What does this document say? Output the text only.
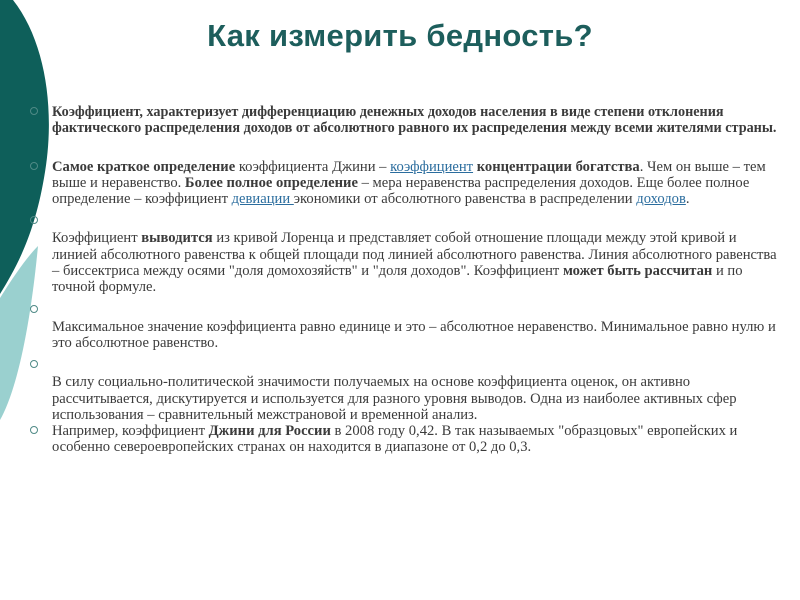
Как измерить бедность?
Коэффициент, характеризует дифференциацию денежных доходов населения в виде степени отклонения фактического распределения доходов от абсолютного равного их распределения между всеми жителями страны.
Самое краткое определение коэффициента Джини – коэффициент концентрации богатства. Чем он выше – тем выше и неравенство. Более полное определение – мера неравенства распределения доходов. Еще более полное определение – коэффициент девиации экономики от абсолютного равенства в распределении доходов.
Коэффициент выводится из кривой Лоренца и представляет собой отношение площади между этой кривой и линией абсолютного равенства к общей площади под линией абсолютного равенства. Линия абсолютного равенства – биссектриса между осями "доля домохозяйств" и "доля доходов". Коэффициент может быть рассчитан и по точной формуле.
Максимальное значение коэффициента равно единице и это – абсолютное неравенство. Минимальное равно нулю и это абсолютное равенство.
В силу социально-политической значимости получаемых на основе коэффициента оценок, он активно рассчитывается, дискутируется и используется для разного уровня выводов. Одна из наиболее активных сфер использования – сравнительный межстрановой и временной анализ.
Например, коэффициент Джини для России в 2008 году 0,42. В так называемых "образцовых" европейских и особенно североевропейских странах он находится в диапазоне от 0,2 до 0,3.
